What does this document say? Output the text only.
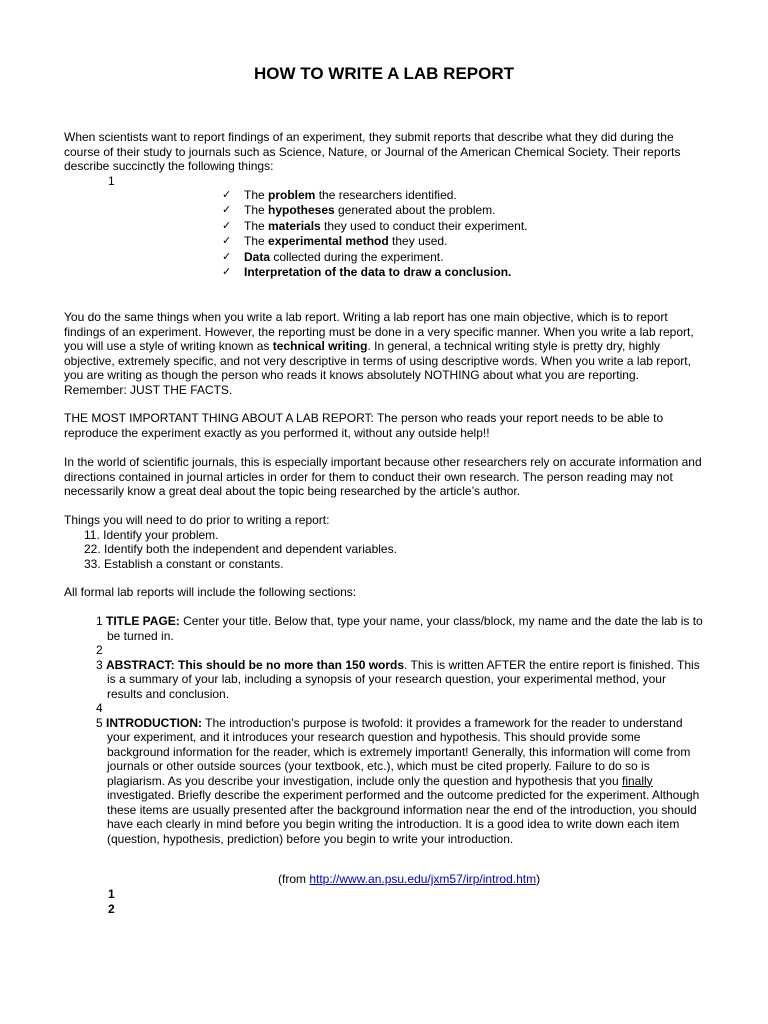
HOW TO WRITE A LAB REPORT

When scientists want to report findings of an experiment, they submit reports that describe what they did during the course of their study to journals such as Science, Nature, or Journal of the American Chemical Society. Their reports describe succinctly the following things:

1
✓	The problem the researchers identified.
✓	The hypotheses generated about the problem.
✓	The materials they used to conduct their experiment.
✓	The experimental method they used.
✓	Data collected during the experiment.
✓	Interpretation of the data to draw a conclusion.

You do the same things when you write a lab report. Writing a lab report has one main objective, which is to report findings of an experiment. However, the reporting must be done in a very specific manner. When you write a lab report, you will use a style of writing known as technical writing. In general, a technical writing style is pretty dry, highly objective, extremely specific, and not very descriptive in terms of using descriptive words. When you write a lab report, you are writing as though the person who reads it knows absolutely NOTHING about what you are reporting. Remember: JUST THE FACTS.

THE MOST IMPORTANT THING ABOUT A LAB REPORT: The person who reads your report needs to be able to reproduce the experiment exactly as you performed it, without any outside help!!

In the world of scientific journals, this is especially important because other researchers rely on accurate information and directions contained in journal articles in order for them to conduct their own research. The person reading may not necessarily know a great deal about the topic being researched by the article’s author.

Things you will need to do prior to writing a report:

11. Identify your problem.
22. Identify both the independent and dependent variables.
33. Establish a constant or constants.

All formal lab reports will include the following sections:

1 TITLE PAGE: Center your title. Below that, type your name, your class/block, my name and the date the lab is to be turned in.
2
3 ABSTRACT: This should be no more than 150 words. This is written AFTER the entire report is finished. This is a summary of your lab, including a synopsis of your research question, your experimental method, your results and conclusion.
4
5 INTRODUCTION: The introduction’s purpose is twofold: it provides a framework for the reader to understand your experiment, and it introduces your research question and hypothesis. This should provide some background information for the reader, which is extremely important! Generally, this information will come from journals or other outside sources (your textbook, etc.), which must be cited properly. Failure to do so is plagiarism. As you describe your investigation, include only the question and hypothesis that you finally investigated. Briefly describe the experiment performed and the outcome predicted for the experiment. Although these items are usually presented after the background information near the end of the introduction, you should have each clearly in mind before you begin writing the introduction. It is a good idea to write down each item (question, hypothesis, prediction) before you begin to write your introduction.
(from http://www.an.psu.edu/jxm57/irp/introd.htm)
1
2
